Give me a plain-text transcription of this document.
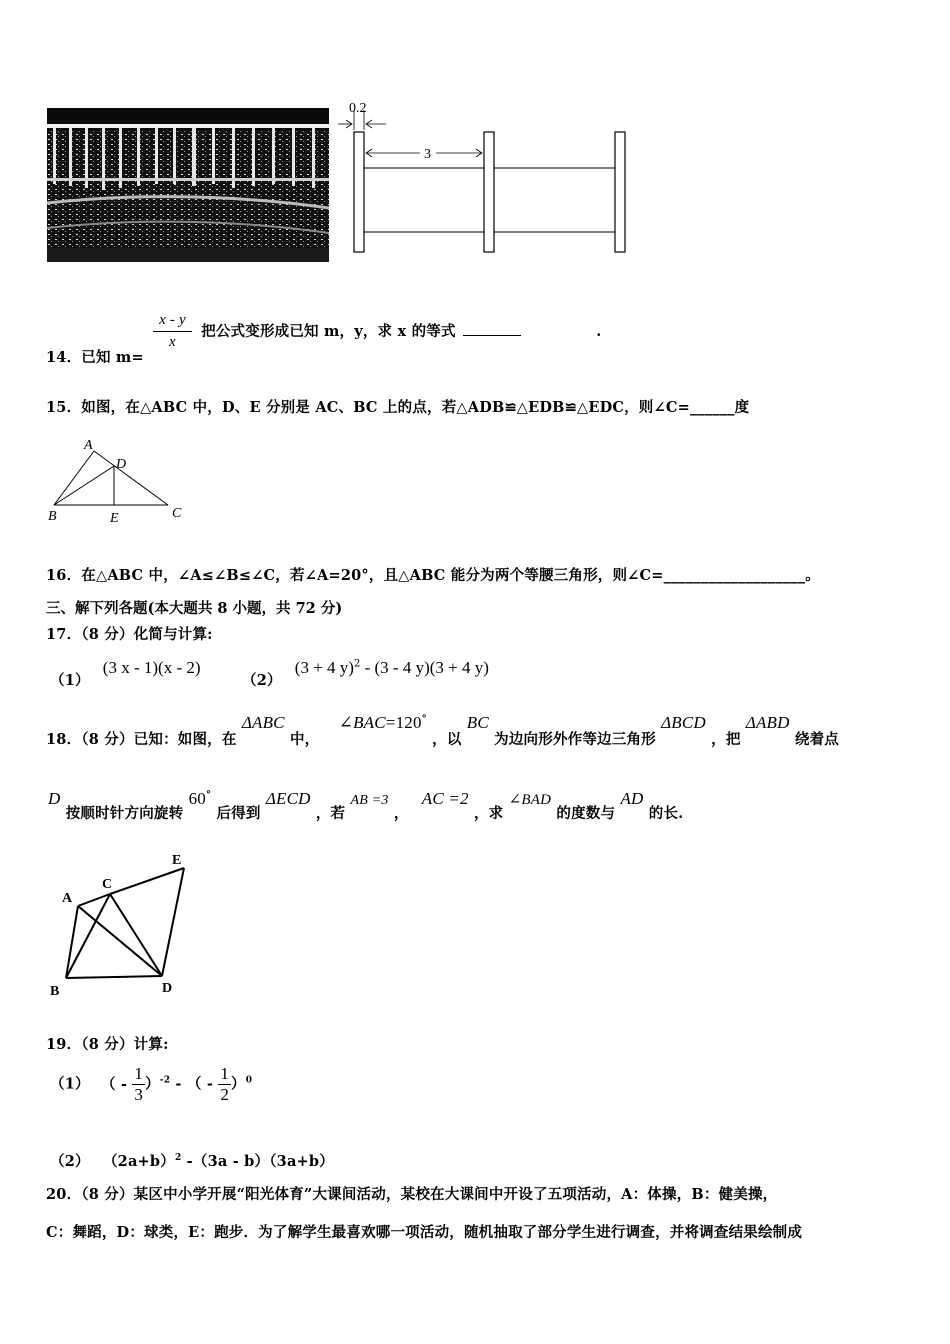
0.2
3
14．已知 m=
$\frac{x - y}{x}$ 把公式变形成已知 m，y，求 x 的等式	.
15．如图，在△ABC 中，D、E 分别是 AC、BC 上的点，若△ADB≌△EDB≌△EDC，则∠C=______度
A
D
B	E	C
16．在△ABC 中，∠A≤∠B≤∠C，若∠A=20°，且△ABC 能分为两个等腰三角形，则∠C=___________________。
三、解下列各题(本大题共 8 小题，共 72 分)
17．（8 分）化简与计算:
（1） (3 x - 1)(x - 2)
（2） (3 + 4 y)$^2$ - (3 - 4 y)(3 + 4 y)
18．（8 分）已知：如图，在 ΔABC 中， ∠BAC=120° ，以 BC 为边向形外作等边三角形 ΔBCD ，把 ΔABD 绕着点
D 按顺时针方向旋转 60° 后得到 ΔECD ，若 AB =3 ， AC =2 ，求 ∠BAD 的度数与 AD 的长.
A
C
E
B	D
19．（8 分）计算:
（1） （ - $\frac{1}{3} )^{-2}$ - （ - $\frac{1}{2} )^0$
（2） $(2a+b)^2$ -（3a - b）（3a+b）
20．（8 分）某区中小学开展“阳光体育”大课间活动，某校在大课间中开设了五项活动，A：体操，B：健美操，
C：舞蹈，D：球类，E：跑步．为了解学生最喜欢哪一项活动，随机抽取了部分学生进行调查，并将调查结果绘制成
